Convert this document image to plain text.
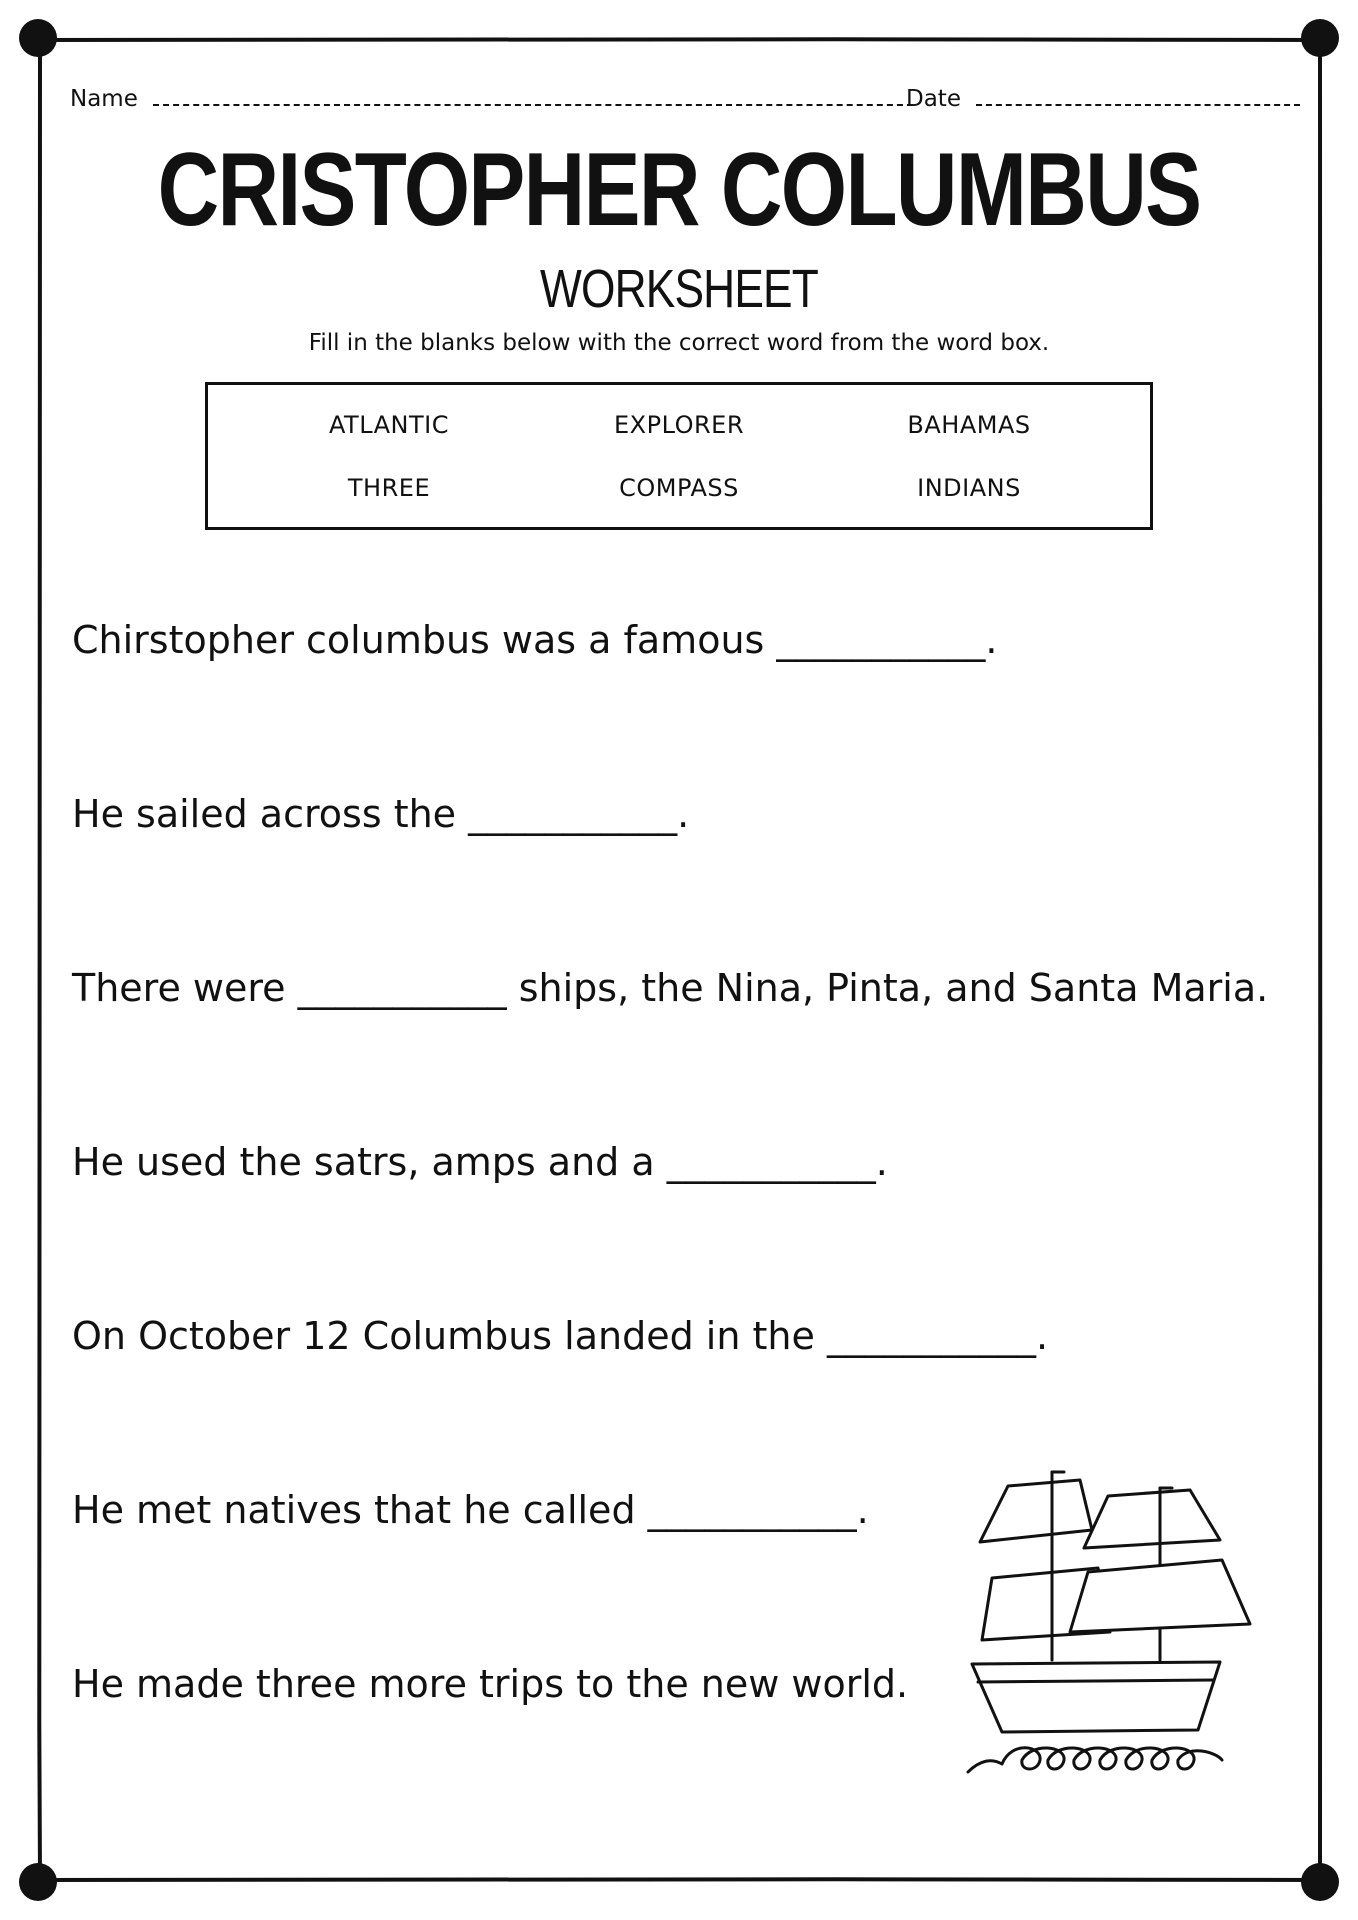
Name	Date
CRISTOPHER COLUMBUS
WORKSHEET
Fill in the blanks below with the correct word from the word box.
ATLANTIC	EXPLORER	BAHAMAS
THREE	COMPASS	INDIANS
Chirstopher columbus was a famous ___________.
He sailed across the ___________.
There were ___________ ships, the Nina, Pinta, and Santa Maria.
He used the satrs, amps and a ___________.
On October 12 Columbus landed in the ___________.
He met natives that he called ___________.
He made three more trips to the new world.
